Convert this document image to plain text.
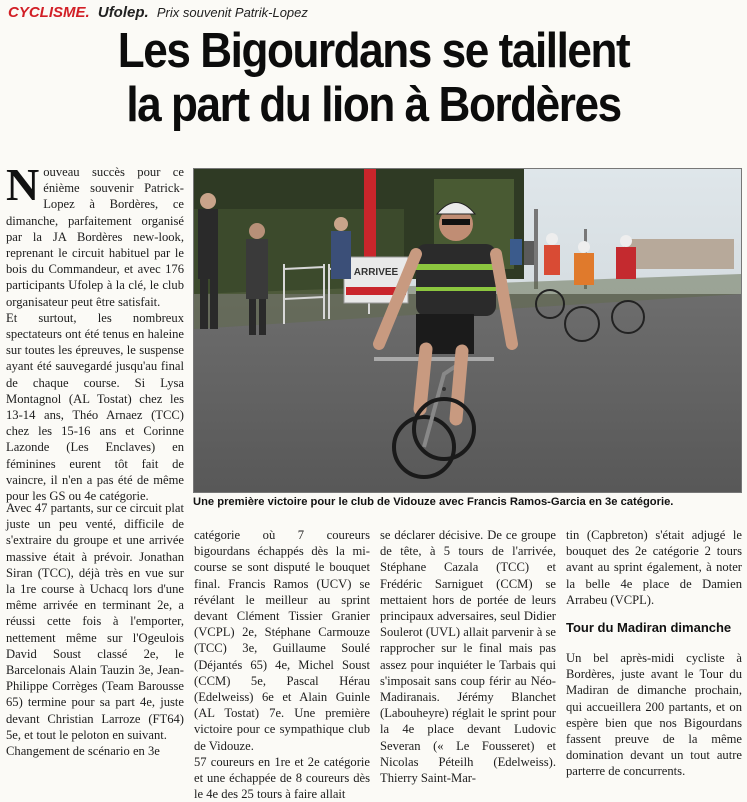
CYCLISME. Ufolep. Prix souvenit Patrik-Lopez
Les Bigourdans se taillent
la part du lion à Bordères
N ouveau succès pour ce énième souvenir Patrick-Lopez à Bordères, ce dimanche, parfaitement organisé par la JA Bordères new-look, reprenant le circuit habituel par le bois du Commandeur, et avec 176 participants Ufolep à la clé, le club organisateur peut être satisfait.

Et surtout, les nombreux spectateurs ont été tenus en haleine sur toutes les épreuves, le suspense ayant été sauvegardé jusqu'au final de chaque course. Si Lysa Montagnol (AL Tostat) chez les 13-14 ans, Théo Arnaez (TCC) chez les 15-16 ans et Corinne Lazonde (Les Enclaves) en féminines eurent tôt fait de vaincre, il n'en a pas été de même pour les GS ou 4e catégorie.

Avec 47 partants, sur ce circuit plat juste un peu venté, difficile de s'extraire du groupe et une arrivée massive était à prévoir. Jonathan Siran (TCC), déjà très en vue sur la 1re course à Uchacq lors d'une même arrivée en terminant 2e, a réussi cette fois à l'emporter, nettement même sur l'Ogeulois David Soust classé 2e, le Barcelonais Alain Tauzin 3e, Jean-Philippe Corrèges (Team Barousse 65) termine pour sa part 4e, juste devant Christian Larroze (FT64) 5e, et tout le peloton en suivant.

Changement de scénario en 3e

ARRIVEE
Une première victoire pour le club de Vidouze avec Francis Ramos-Garcia en 3e catégorie.

catégorie où 7 coureurs bigourdans échappés dès la mi-course se sont disputé le bouquet final. Francis Ramos (UCV) se révélant le meilleur au sprint devant Clément Tissier Granier (VCPL) 2e, Stéphane Carmouze (TCC) 3e, Guillaume Soulé (Déjantés 65) 4e, Michel Soust (CCM) 5e, Pascal Hérau (Edelweiss) 6e et Alain Guinle (AL Tostat) 7e. Une première victoire pour ce sympathique club de Vidouze.

57 coureurs en 1re et 2e catégorie et une échappée de 8 coureurs dès le 4e des 25 tours à faire allait

se déclarer décisive. De ce groupe de tête, à 5 tours de l'arrivée, Stéphane Cazala (TCC) et Frédéric Sarniguet (CCM) se mettaient hors de portée de leurs principaux adversaires, seul Didier Soulerot (UVL) allait parvenir à se rapprocher sur le final mais pas assez pour inquiéter le Tarbais qui s'imposait sans coup férir au Néo-Madiranais. Jérémy Blanchet (Labouheyre) réglait le sprint pour la 4e place devant Ludovic Severan (« Le Fousseret) et Nicolas Péteilh (Edelweiss). Thierry Saint-Mar-

tin (Capbreton) s'était adjugé le bouquet des 2e catégorie 2 tours avant au sprint également, à noter la belle 4e place de Damien Arrabeu (VCPL).

Tour du Madiran dimanche

Un bel après-midi cycliste à Bordères, juste avant le Tour du Madiran de dimanche prochain, qui accueillera 200 partants, et on espère bien que nos Bigourdans fassent preuve de la même domination devant un tout autre parterre de concurrents.
